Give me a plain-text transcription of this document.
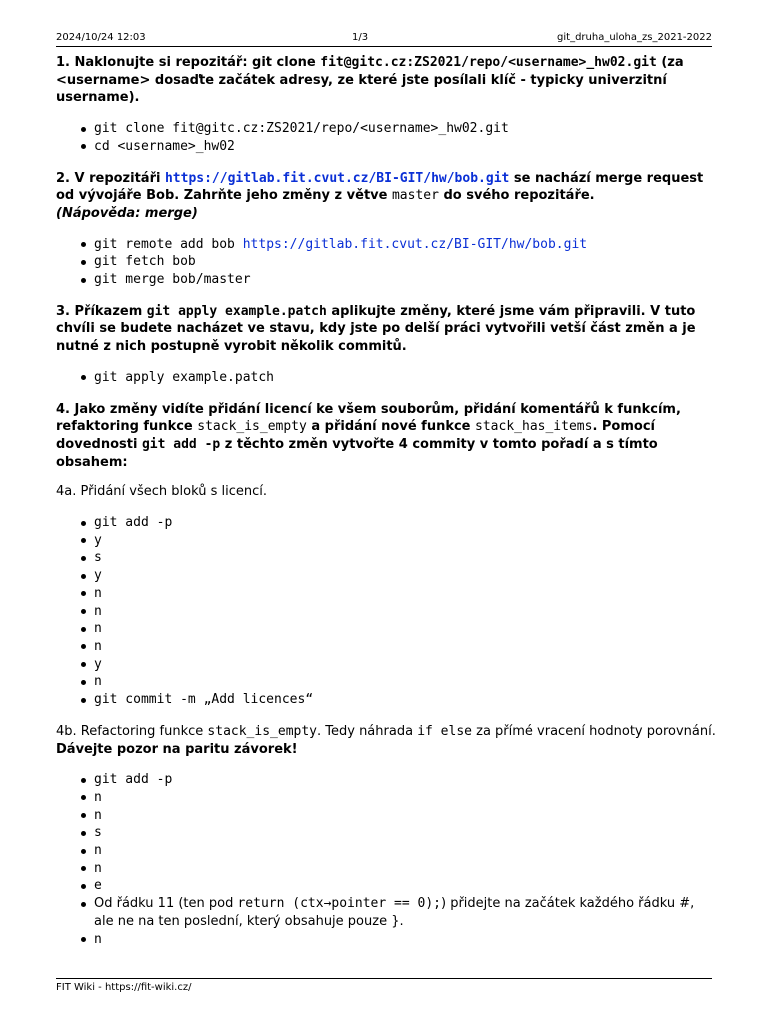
2024/10/24 12:03	1/3	git_druha_uloha_zs_2021-2022

1. Naklonujte si repozitář: git clone fit@gitc.cz:ZS2021/repo/<username>_hw02.git (za <username> dosaďte začátek adresy, ze které jste posílali klíč - typicky univerzitní username).

git clone fit@gitc.cz:ZS2021/repo/<username>_hw02.git
cd <username>_hw02

2. V repozitáři https://gitlab.fit.cvut.cz/BI-GIT/hw/bob.git se nachází merge request od vývojáře Bob. Zahrňte jeho změny z větve master do svého repozitáře.
(Nápověda: merge)

git remote add bob https://gitlab.fit.cvut.cz/BI-GIT/hw/bob.git
git fetch bob
git merge bob/master

3. Příkazem git apply example.patch aplikujte změny, které jsme vám připravili. V tuto chvíli se budete nacházet ve stavu, kdy jste po delší práci vytvořili vetší část změn a je nutné z nich postupně vyrobit několik commitů.

git apply example.patch

4. Jako změny vidíte přidání licencí ke všem souborům, přidání komentářů k funkcím, refaktoring funkce stack_is_empty a přidání nové funkce stack_has_items. Pomocí dovednosti git add -p z těchto změn vytvořte 4 commity v tomto pořadí a s tímto obsahem:

4a. Přidání všech bloků s licencí.

git add -p
y
s
y
n
n
n
n
y
n
git commit -m „Add licences“

4b. Refactoring funkce stack_is_empty. Tedy náhrada if else za přímé vracení hodnoty porovnání. Dávejte pozor na paritu závorek!

git add -p
n
n
s
n
n
e
Od řádku 11 (ten pod return (ctx→pointer == 0);) přidejte na začátek každého řádku #, ale ne na ten poslední, který obsahuje pouze }.
n
FIT Wiki - https://fit-wiki.cz/
